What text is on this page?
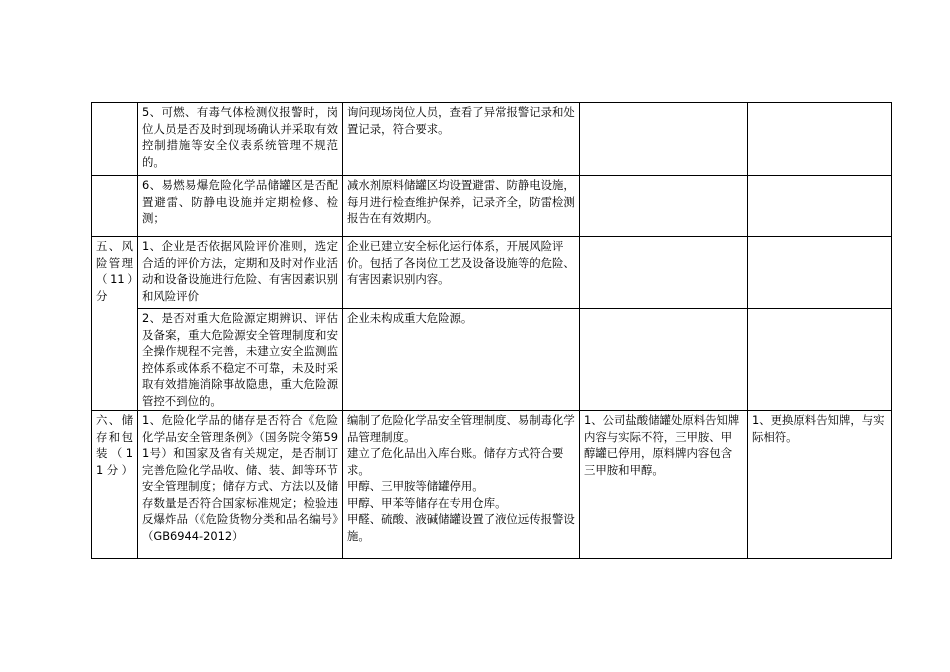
	5、可燃、有毒气体检测仪报警时，岗位人员是否及时到现场确认并采取有效控制措施等安全仪表系统管理不规范的。	询问现场岗位人员，查看了异常报警记录和处置记录，符合要求。		

	6、易燃易爆危险化学品储罐区是否配置避雷、防静电设施并定期检修、检测；	减水剂原料储罐区均设置避雷、防静电设施，每月进行检查维护保养，记录齐全，防雷检测报告在有效期内。		

五、风险管理（11）分	1、企业是否依据风险评价准则，选定合适的评价方法，定期和及时对作业活动和设备设施进行危险、有害因素识别和风险评价	企业已建立安全标化运行体系，开展风险评价。包括了各岗位工艺及设备设施等的危险、有害因素识别内容。		

	2、是否对重大危险源定期辨识、评估及备案，重大危险源安全管理制度和安全操作规程不完善，未建立安全监测监控体系或体系不稳定不可靠，未及时采取有效措施消除事故隐患，重大危险源管控不到位的。	企业未构成重大危险源。		

六、储存和包装（11分）	1、危险化学品的储存是否符合《危险化学品安全管理条例》（国务院令第591号）和国家及省有关规定，是否制订完善危险化学品收、储、装、卸等环节安全管理制度；储存方式、方法以及储存数量是否符合国家标准规定；检验违反爆炸品（《危险货物分类和品名编号》（GB6944-2012）	编制了危险化学品安全管理制度、易制毒化学品管理制度。
建立了危化品出入库台账。储存方式符合要求。
甲醇、三甲胺等储罐停用。
甲醇、甲苯等储存在专用仓库。
甲醛、硫酸、液碱储罐设置了液位远传报警设施。	1、公司盐酸储罐处原料告知牌内容与实际不符，三甲胺、甲醇罐已停用，原料牌内容包含三甲胺和甲醇。	1、更换原料告知牌，与实际相符。
